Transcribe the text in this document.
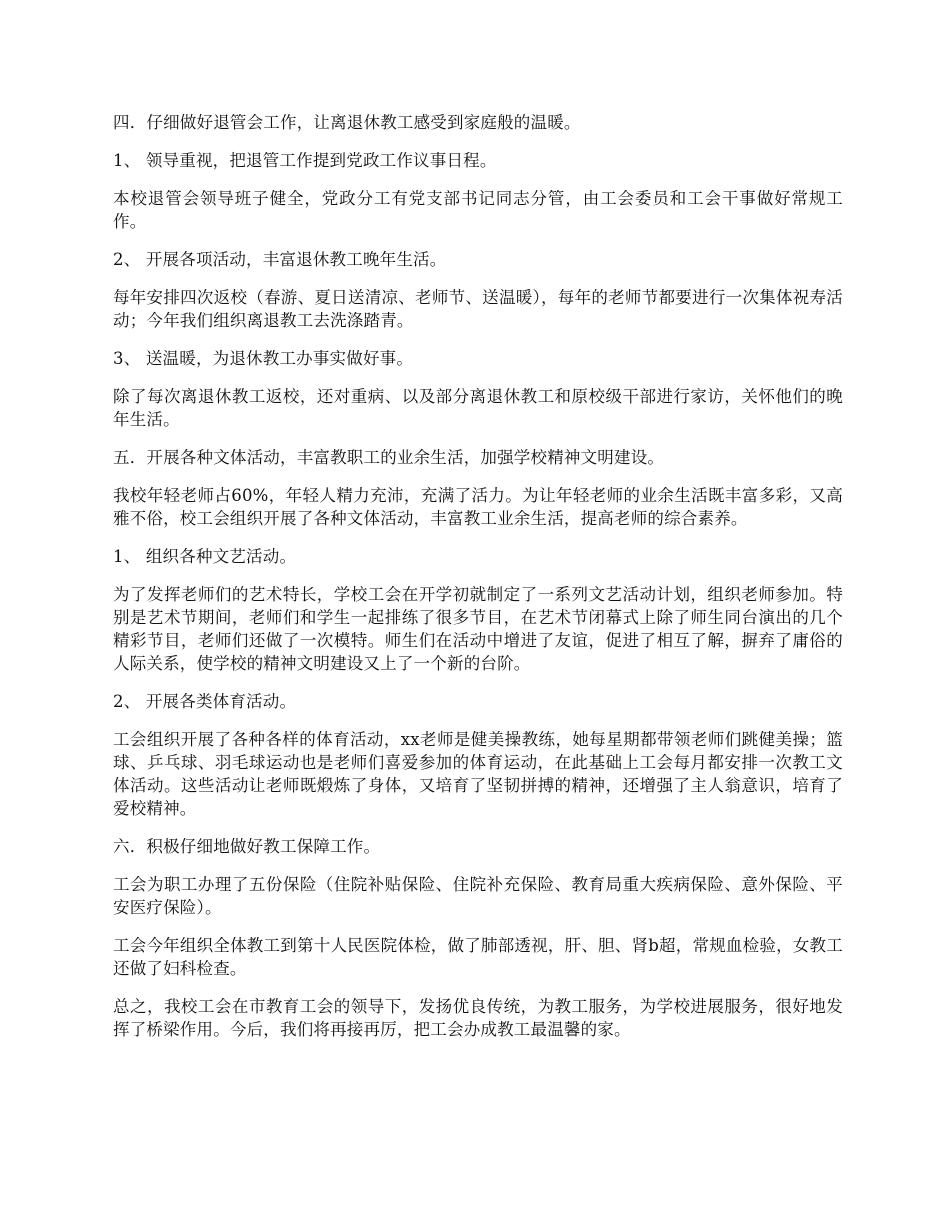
四．仔细做好退管会工作，让离退休教工感受到家庭般的温暖。

1、 领导重视，把退管工作提到党政工作议事日程。

本校退管会领导班子健全，党政分工有党支部书记同志分管，由工会委员和工会干事做好常规工作。

2、 开展各项活动，丰富退休教工晚年生活。

每年安排四次返校（春游、夏日送清凉、老师节、送温暖），每年的老师节都要进行一次集体祝寿活动；今年我们组织离退教工去洗涤踏青。

3、 送温暖，为退休教工办事实做好事。

除了每次离退休教工返校，还对重病、以及部分离退休教工和原校级干部进行家访，关怀他们的晚年生活。

五．开展各种文体活动，丰富教职工的业余生活，加强学校精神文明建设。

我校年轻老师占60%，年轻人精力充沛，充满了活力。为让年轻老师的业余生活既丰富多彩，又高雅不俗，校工会组织开展了各种文体活动，丰富教工业余生活，提高老师的综合素养。

1、 组织各种文艺活动。

为了发挥老师们的艺术特长，学校工会在开学初就制定了一系列文艺活动计划，组织老师参加。特别是艺术节期间，老师们和学生一起排练了很多节目，在艺术节闭幕式上除了师生同台演出的几个精彩节目，老师们还做了一次模特。师生们在活动中增进了友谊，促进了相互了解，摒弃了庸俗的人际关系，使学校的精神文明建设又上了一个新的台阶。

2、 开展各类体育活动。

工会组织开展了各种各样的体育活动，xx老师是健美操教练，她每星期都带领老师们跳健美操；篮球、乒乓球、羽毛球运动也是老师们喜爱参加的体育运动，在此基础上工会每月都安排一次教工文体活动。这些活动让老师既煅炼了身体，又培育了坚韧拼搏的精神，还增强了主人翁意识，培育了爱校精神。

六．积极仔细地做好教工保障工作。

工会为职工办理了五份保险（住院补贴保险、住院补充保险、教育局重大疾病保险、意外保险、平安医疗保险）。

工会今年组织全体教工到第十人民医院体检，做了肺部透视，肝、胆、肾b超，常规血检验，女教工还做了妇科检查。

总之，我校工会在市教育工会的领导下，发扬优良传统，为教工服务，为学校进展服务，很好地发挥了桥梁作用。今后，我们将再接再厉，把工会办成教工最温馨的家。
